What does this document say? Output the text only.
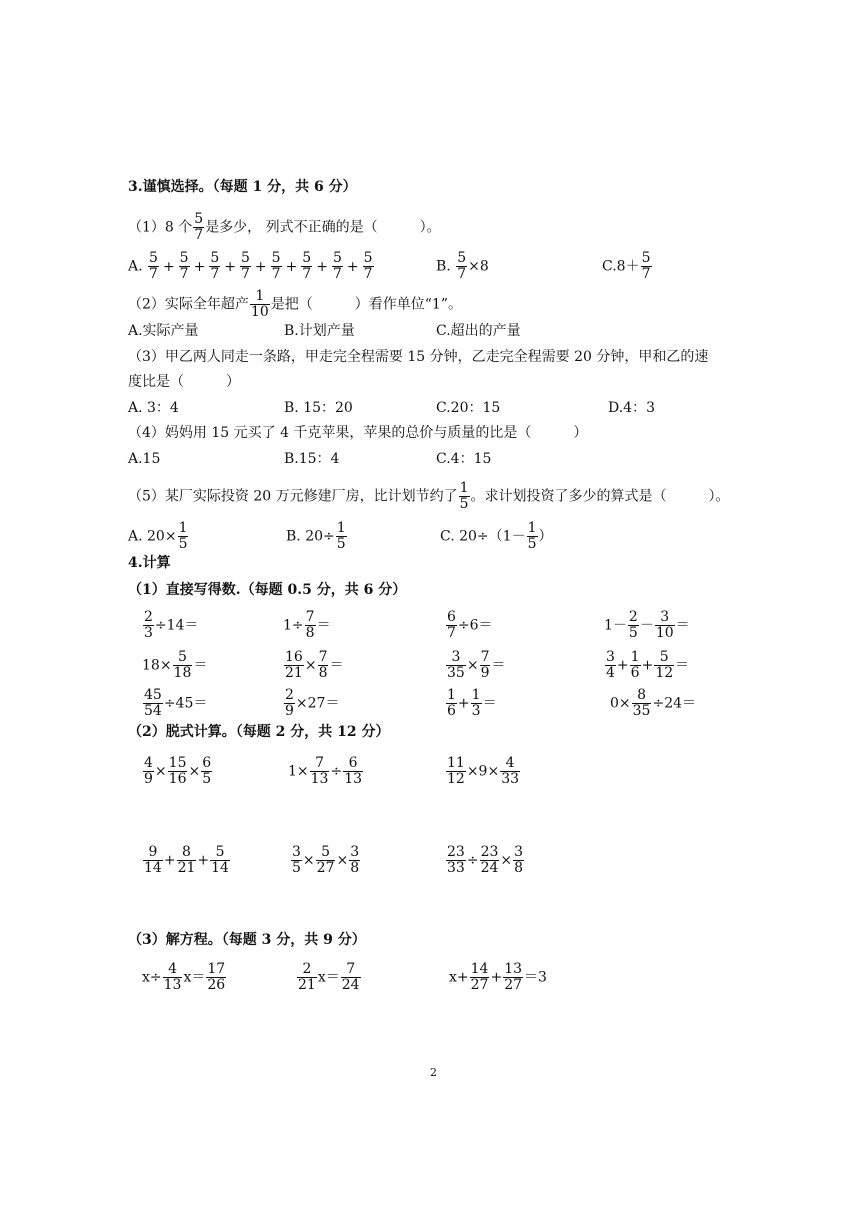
3.谨慎选择。（每题 1 分，共 6 分）
（1）8 个 $\frac{5}{7}$ 是多少， 列式不正确的是（　　　）。
A. $\frac{5}{7} + \frac{5}{7} + \frac{5}{7} + \frac{5}{7} + \frac{5}{7} + \frac{5}{7} + \frac{5}{7} + \frac{5}{7}$	B. $\frac{5}{7} \times 8$	$C.8+ \frac{5}{7}$
（2）实际全年超产 $\frac{1}{10}$ 是把（　　　）看作单位“1”。
A.实际产量	B.计划产量	C.超出的产量
（3）甲乙两人同走一条路，甲走完全程需要 15 分钟，乙走完全程需要 20 分钟，甲和乙的速
度比是（　　　）
A. 3：4	B. 15：20	C.20：15	D.4：3
（4）妈妈用 15 元买了 4 千克苹果，苹果的总价与质量的比是（　　　）
A.15	B.15：4	C.4：15
（5）某厂实际投资 20 万元修建厂房，比计划节约了 $\frac{1}{5}$ 。求计划投资了多少的算式是（　　　）。
A. $20\times \frac{1}{5}$	B. $20\div \frac{1}{5}$	C. $20\div(1- \frac{1}{5}$ ）
4.计算
（1）直接写得数.（每题 0.5 分，共 6 分）
$\frac{2}{3} \div 14=$	$1\div \frac{7}{8}$ ＝	$\frac{6}{7} \div 6=$	$1- \frac{2}{5} - \frac{3}{10}$ ＝
$18\times \frac{5}{18}$ ＝	$\frac{16}{21} \times \frac{7}{8}$ ＝	$\frac{3}{35} \times \frac{7}{9}$ ＝	$\frac{3}{4} + \frac{1}{6} + \frac{5}{12}$ ＝
$\frac{45}{54} \div 45=$	$\frac{2}{9} \times 27=$	$\frac{1}{6} + \frac{1}{3}$ ＝	$0\times \frac{8}{35} \div 24=$
（2）脱式计算。（每题 2 分，共 12 分）
$\frac{4}{9} \times \frac{15}{16} \times \frac{6}{5}$	$1\times \frac{7}{13} \div \frac{6}{13}$	$\frac{11}{12} \times 9\times \frac{4}{33}$
$\frac{9}{14} + \frac{8}{21} + \frac{5}{14}$	$\frac{3}{5} \times \frac{5}{27} \times \frac{3}{8}$	$\frac{23}{33} \div \frac{23}{24} \times \frac{3}{8}$
（3）解方程。（每题 3 分，共 9 分）
$x\div \frac{4}{13} x= \frac{17}{26}$	$\frac{2}{21} x= \frac{7}{24}$	$x+ \frac{14}{27} + \frac{13}{27} =3$
2
